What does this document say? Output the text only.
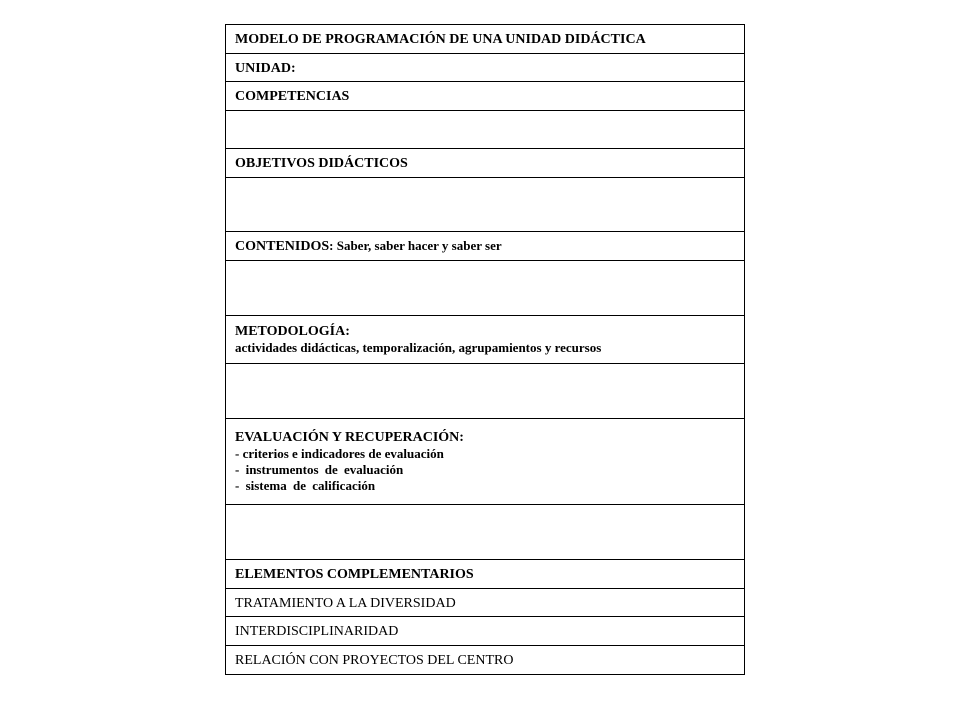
MODELO DE PROGRAMACIÓN DE UNA UNIDAD DIDÁCTICA
UNIDAD:
COMPETENCIAS

OBJETIVOS DIDÁCTICOS

CONTENIDOS: Saber, saber hacer y saber ser

METODOLOGÍA:
actividades didácticas, temporalización, agrupamientos y recursos

EVALUACIÓN Y RECUPERACIÓN:
- criterios e indicadores de evaluación
- instrumentos de evaluación
- sistema de calificación

ELEMENTOS COMPLEMENTARIOS
TRATAMIENTO A LA DIVERSIDAD
INTERDISCIPLINARIDAD
RELACIÓN CON PROYECTOS DEL CENTRO
